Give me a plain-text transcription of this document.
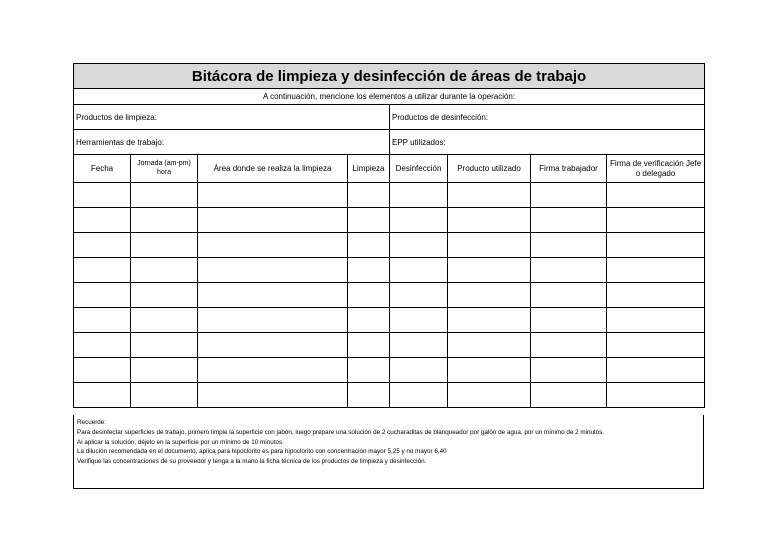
Bitácora de limpieza y desinfección de áreas de trabajo							
A continuación, mencione los elementos a utilizar durante la operación:							
Productos de limpieza:				Productos de desinfección:			
Herramientas de trabajo:				EPP utilizados:			
Fecha	Jornada (am-pm) hora	Área donde se realiza la limpieza	Limpieza	Desinfección	Producto utilizado	Firma trabajador	Firma de verificación Jefe o delegado

Recuerde:
Para desinfectar superficies de trabajo, primero limpie la superficie con jabón, luego prepare una solución de 2 cucharaditas de blanqueador por galón de agua, por un mínimo de 2 minutos.
Al aplicar la solución, déjelo en la superficie por un mínimo de 10 minutos.
La dilución recomendada en el documento, aplica para hipoclorito es para hipoclorito con concentración mayor 5,25 y no mayor 6,40
Verifique las concentraciones de su proveedor y tenga a la mano la ficha técnica de los productos de limpieza y desinfección.
